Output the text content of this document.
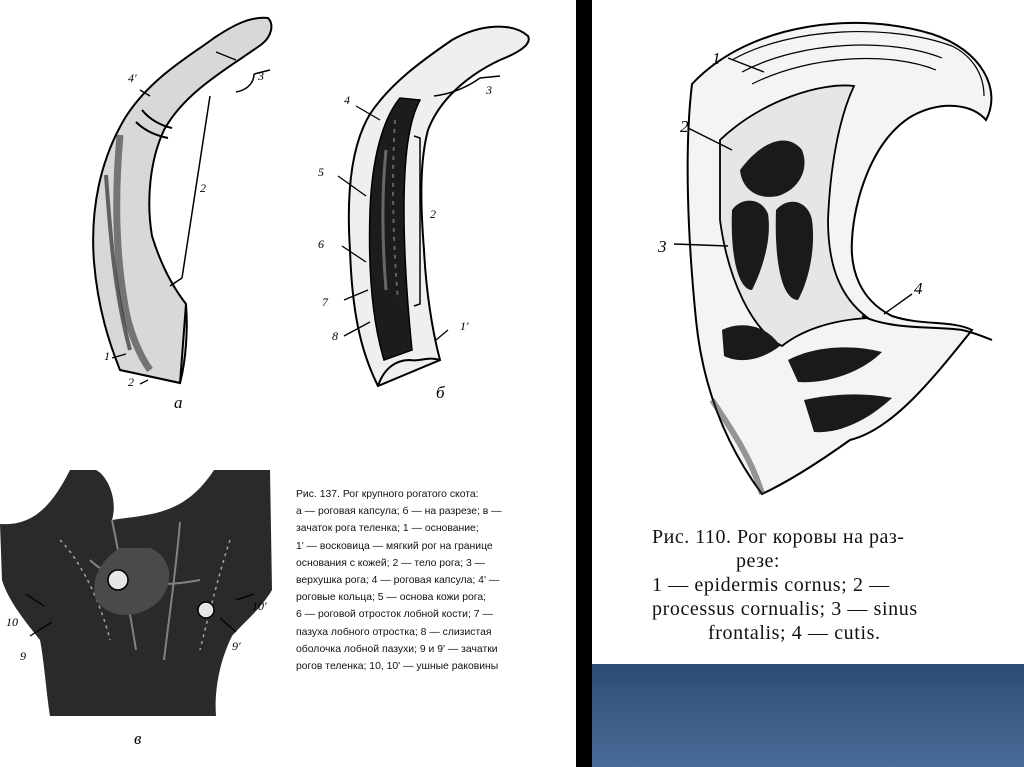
4'	3
2
1
2
а
4
3
5
2
6
7
8
1'
б
10
9
10'
9'
в
Рис. 137. Рог крупного рогатого скота:
а — роговая капсула; б — на разрезе; в —
зачаток рога теленка; 1 — основание;
1' — восковица — мягкий рог на границе
основания с кожей; 2 — тело рога; 3 —
верхушка рога; 4 — роговая капсула; 4' —
роговые кольца; 5 — основа кожи рога;
6 — роговой отросток лобной кости; 7 —
пазуха лобного отростка; 8 — слизистая
оболочка лобной пазухи; 9 и 9' — зачатки
рогов теленка; 10, 10' — ушные раковины
1
2
3
4
Рис. 110. Рог коровы на раз-
резе:
1 — epidermis cornus; 2 —
processus cornualis; 3 — sinus
frontalis; 4 — cutis.
